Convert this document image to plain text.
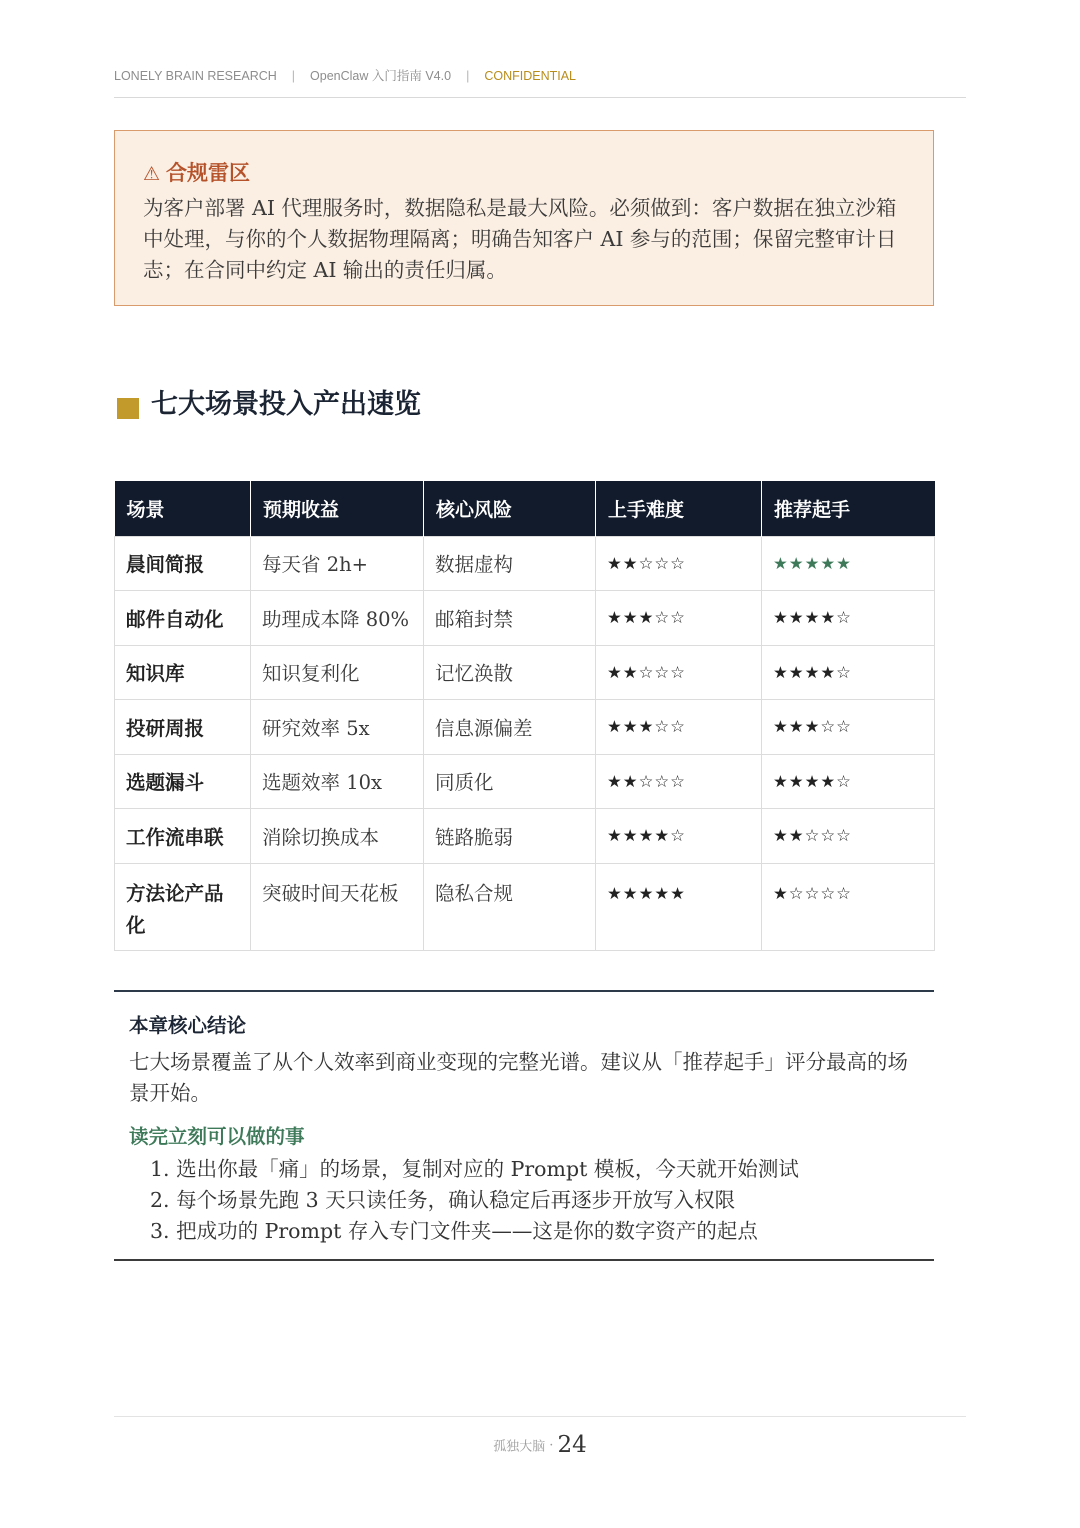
LONELY BRAIN RESEARCH | OpenClaw 入门指南 V4.0 | CONFIDENTIAL
⚠ 合规雷区
为客户部署 AI 代理服务时，数据隐私是最大风险。必须做到：客户数据在独立沙箱中处理，与你的个人数据物理隔离；明确告知客户 AI 参与的范围；保留完整审计日志；在合同中约定 AI 输出的责任归属。
七大场景投入产出速览
场景	预期收益	核心风险	上手难度	推荐起手
晨间简报	每天省 2h+	数据虚构	★★☆☆☆	★★★★★
邮件自动化	助理成本降 80%	邮箱封禁	★★★☆☆	★★★★☆
知识库	知识复利化	记忆涣散	★★☆☆☆	★★★★☆
投研周报	研究效率 5x	信息源偏差	★★★☆☆	★★★☆☆
选题漏斗	选题效率 10x	同质化	★★☆☆☆	★★★★☆
工作流串联	消除切换成本	链路脆弱	★★★★☆	★★☆☆☆
方法论产品化	突破时间天花板	隐私合规	★★★★★	★☆☆☆☆
本章核心结论
七大场景覆盖了从个人效率到商业变现的完整光谱。建议从「推荐起手」评分最高的场景开始。
读完立刻可以做的事
1. 选出你最「痛」的场景，复制对应的 Prompt 模板，今天就开始测试
2. 每个场景先跑 3 天只读任务，确认稳定后再逐步开放写入权限
3. 把成功的 Prompt 存入专门文件夹——这是你的数字资产的起点
孤独大脑 · 24
